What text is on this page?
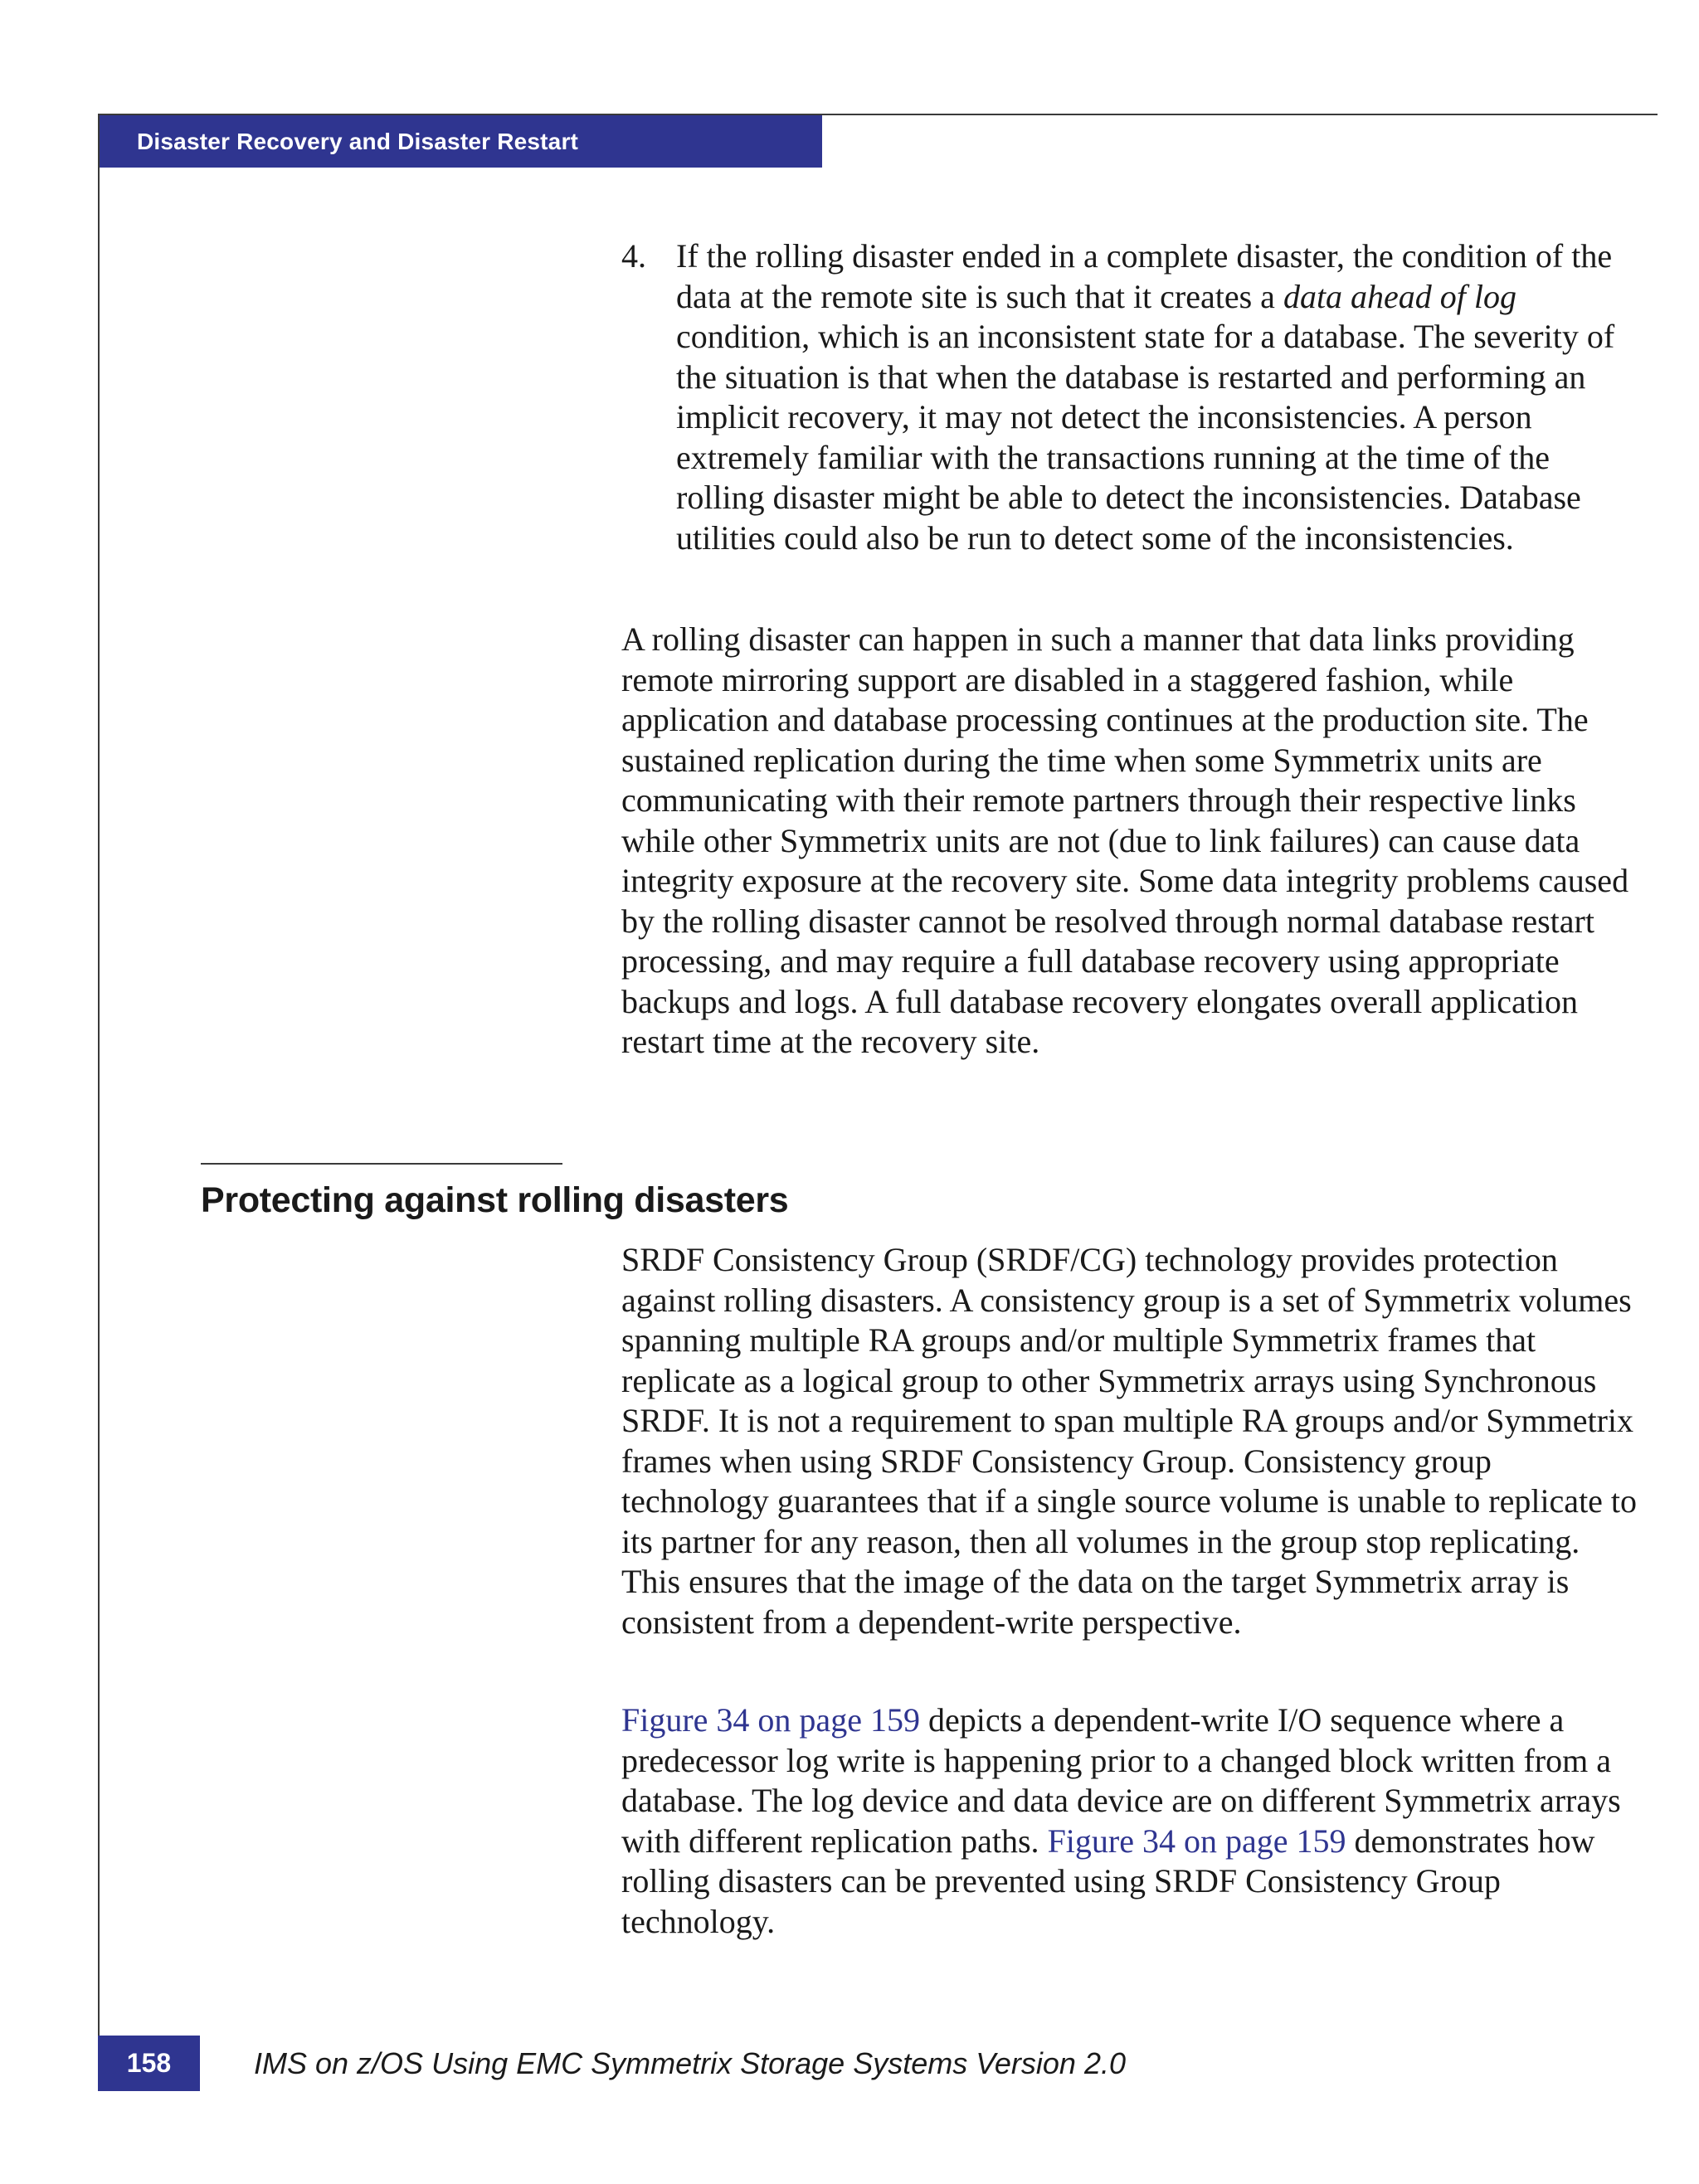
Disaster Recovery and Disaster Restart
4. If the rolling disaster ended in a complete disaster, the condition of the data at the remote site is such that it creates a data ahead of log condition, which is an inconsistent state for a database. The severity of the situation is that when the database is restarted and performing an implicit recovery, it may not detect the inconsistencies. A person extremely familiar with the transactions running at the time of the rolling disaster might be able to detect the inconsistencies. Database utilities could also be run to detect some of the inconsistencies.

A rolling disaster can happen in such a manner that data links providing remote mirroring support are disabled in a staggered fashion, while application and database processing continues at the production site. The sustained replication during the time when some Symmetrix units are communicating with their remote partners through their respective links while other Symmetrix units are not (due to link failures) can cause data integrity exposure at the recovery site. Some data integrity problems caused by the rolling disaster cannot be resolved through normal database restart processing, and may require a full database recovery using appropriate backups and logs. A full database recovery elongates overall application restart time at the recovery site.

Protecting against rolling disasters

SRDF Consistency Group (SRDF/CG) technology provides protection against rolling disasters. A consistency group is a set of Symmetrix volumes spanning multiple RA groups and/or multiple Symmetrix frames that replicate as a logical group to other Symmetrix arrays using Synchronous SRDF. It is not a requirement to span multiple RA groups and/or Symmetrix frames when using SRDF Consistency Group. Consistency group technology guarantees that if a single source volume is unable to replicate to its partner for any reason, then all volumes in the group stop replicating. This ensures that the image of the data on the target Symmetrix array is consistent from a dependent-write perspective.

Figure 34 on page 159 depicts a dependent-write I/O sequence where a predecessor log write is happening prior to a changed block written from a database. The log device and data device are on different Symmetrix arrays with different replication paths. Figure 34 on page 159 demonstrates how rolling disasters can be prevented using SRDF Consistency Group technology.

158	IMS on z/OS Using EMC Symmetrix Storage Systems Version 2.0
